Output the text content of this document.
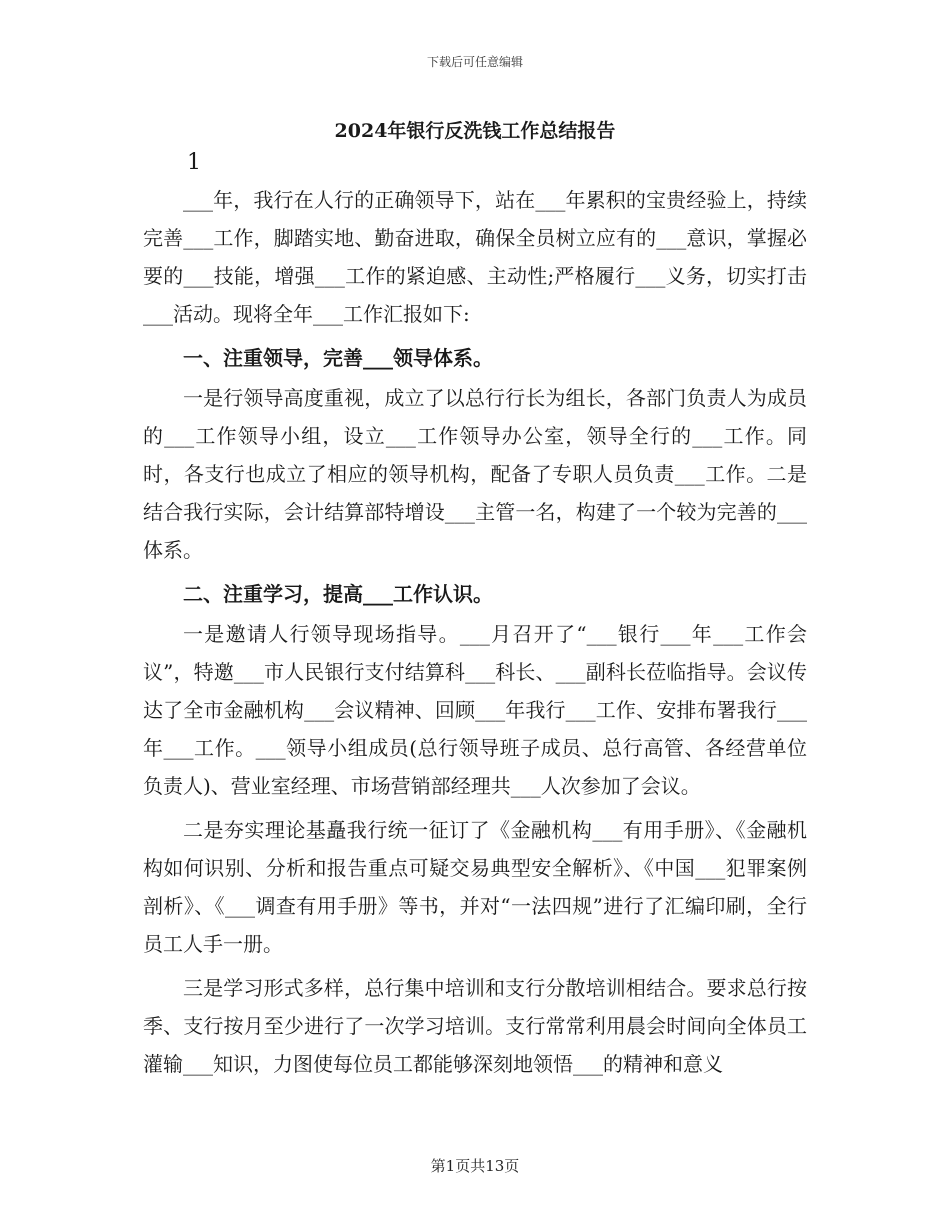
下载后可任意编辑
2024年银行反洗钱工作总结报告
1

___年，我行在人行的正确领导下，站在___年累积的宝贵经验上，持续完善___工作，脚踏实地、勤奋进取，确保全员树立应有的___意识，掌握必要的___技能，增强___工作的紧迫感、主动性;严格履行___义务，切实打击___活动。现将全年___工作汇报如下:

一、注重领导，完善___领导体系。

一是行领导高度重视，成立了以总行行长为组长，各部门负责人为成员的___工作领导小组，设立___工作领导办公室，领导全行的___工作。同时，各支行也成立了相应的领导机构，配备了专职人员负责___工作。二是结合我行实际，会计结算部特增设___主管一名，构建了一个较为完善的___体系。

二、注重学习，提高___工作认识。

一是邀请人行领导现场指导。___月召开了“___银行___年___工作会议”，特邀___市人民银行支付结算科___科长、___副科长莅临指导。会议传达了全市金融机构___会议精神、回顾___年我行___工作、安排布署我行___年___工作。___领导小组成员(总行领导班子成员、总行高管、各经营单位负责人)、营业室经理、市场营销部经理共___人次参加了会议。

二是夯实理论基矗我行统一征订了《金融机构___有用手册》、《金融机构如何识别、分析和报告重点可疑交易典型安全解析》、《中国___犯罪案例剖析》、《___调查有用手册》等书，并对“一法四规”进行了汇编印刷，全行员工人手一册。

三是学习形式多样，总行集中培训和支行分散培训相结合。要求总行按季、支行按月至少进行了一次学习培训。支行常常利用晨会时间向全体员工灌输___知识，力图使每位员工都能够深刻地领悟___的精神和意义

第1页共13页
